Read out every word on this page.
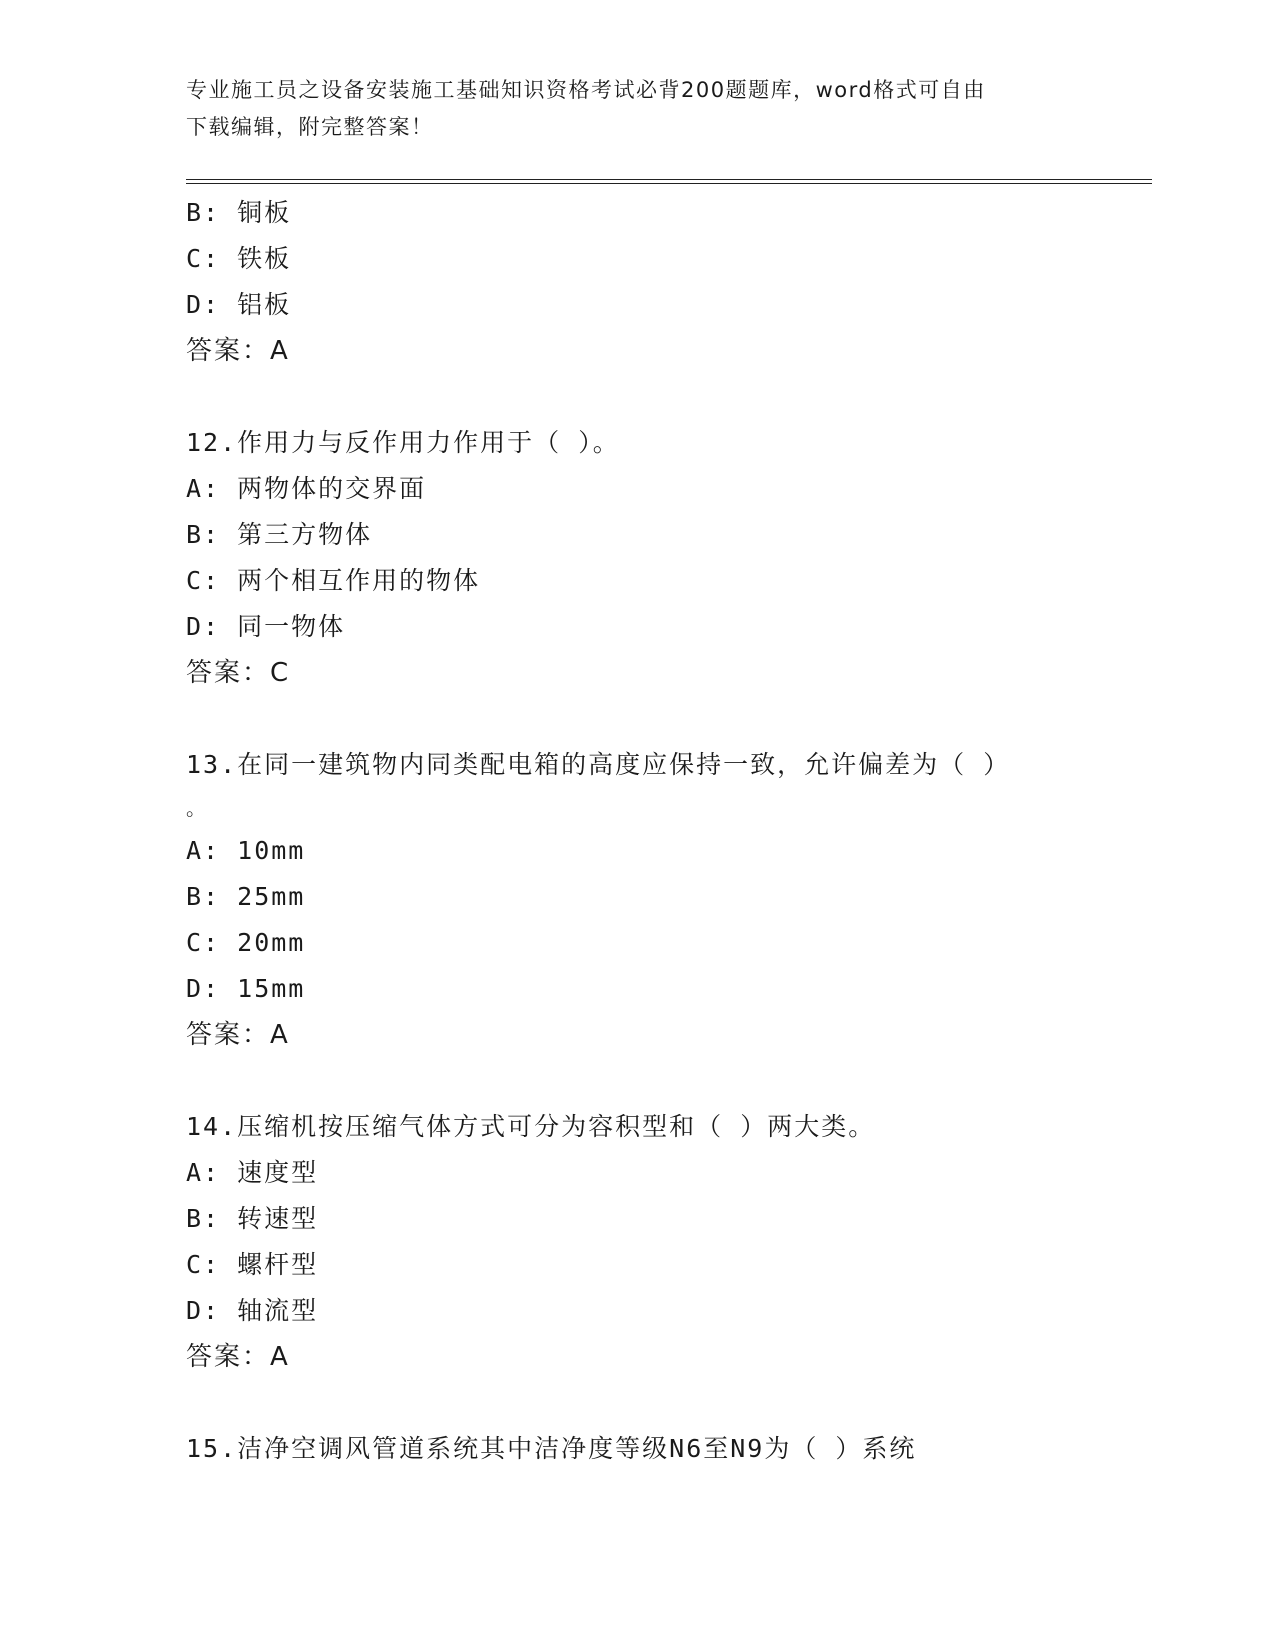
专业施工员之设备安装施工基础知识资格考试必背200题题库，word格式可自由
下载编辑，附完整答案！
B: 铜板
C: 铁板
D: 铝板
答案：A
12.作用力与反作用力作用于（ ）。
A: 两物体的交界面
B: 第三方物体
C: 两个相互作用的物体
D: 同一物体
答案：C
13.在同一建筑物内同类配电箱的高度应保持一致，允许偏差为（ ）
。
A: 10mm
B: 25mm
C: 20mm
D: 15mm
答案：A
14.压缩机按压缩气体方式可分为容积型和（ ）两大类。
A: 速度型
B: 转速型
C: 螺杆型
D: 轴流型
答案：A
15.洁净空调风管道系统其中洁净度等级N6至N9为（ ）系统
